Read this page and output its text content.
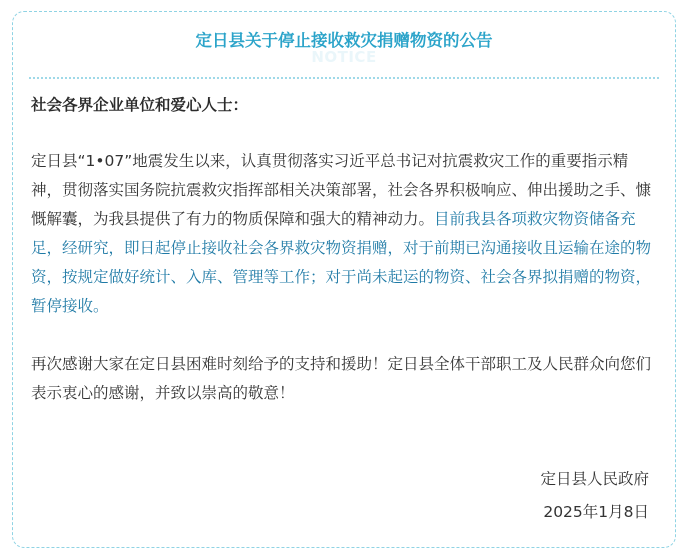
NOTICE
定日县关于停止接收救灾捐赠物资的公告

社会各界企业单位和爱心人士：

定日县“1•07”地震发生以来，认真贯彻落实习近平总书记对抗震救灾工作的重要指示精神，贯彻落实国务院抗震救灾指挥部相关决策部署，社会各界积极响应、伸出援助之手、慷慨解囊，为我县提供了有力的物质保障和强大的精神动力。目前我县各项救灾物资储备充足，经研究，即日起停止接收社会各界救灾物资捐赠，对于前期已沟通接收且运输在途的物资，按规定做好统计、入库、管理等工作；对于尚未起运的物资、社会各界拟捐赠的物资，暂停接收。

再次感谢大家在定日县困难时刻给予的支持和援助！定日县全体干部职工及人民群众向您们表示衷心的感谢，并致以崇高的敬意！

定日县人民政府
2025年1月8日
